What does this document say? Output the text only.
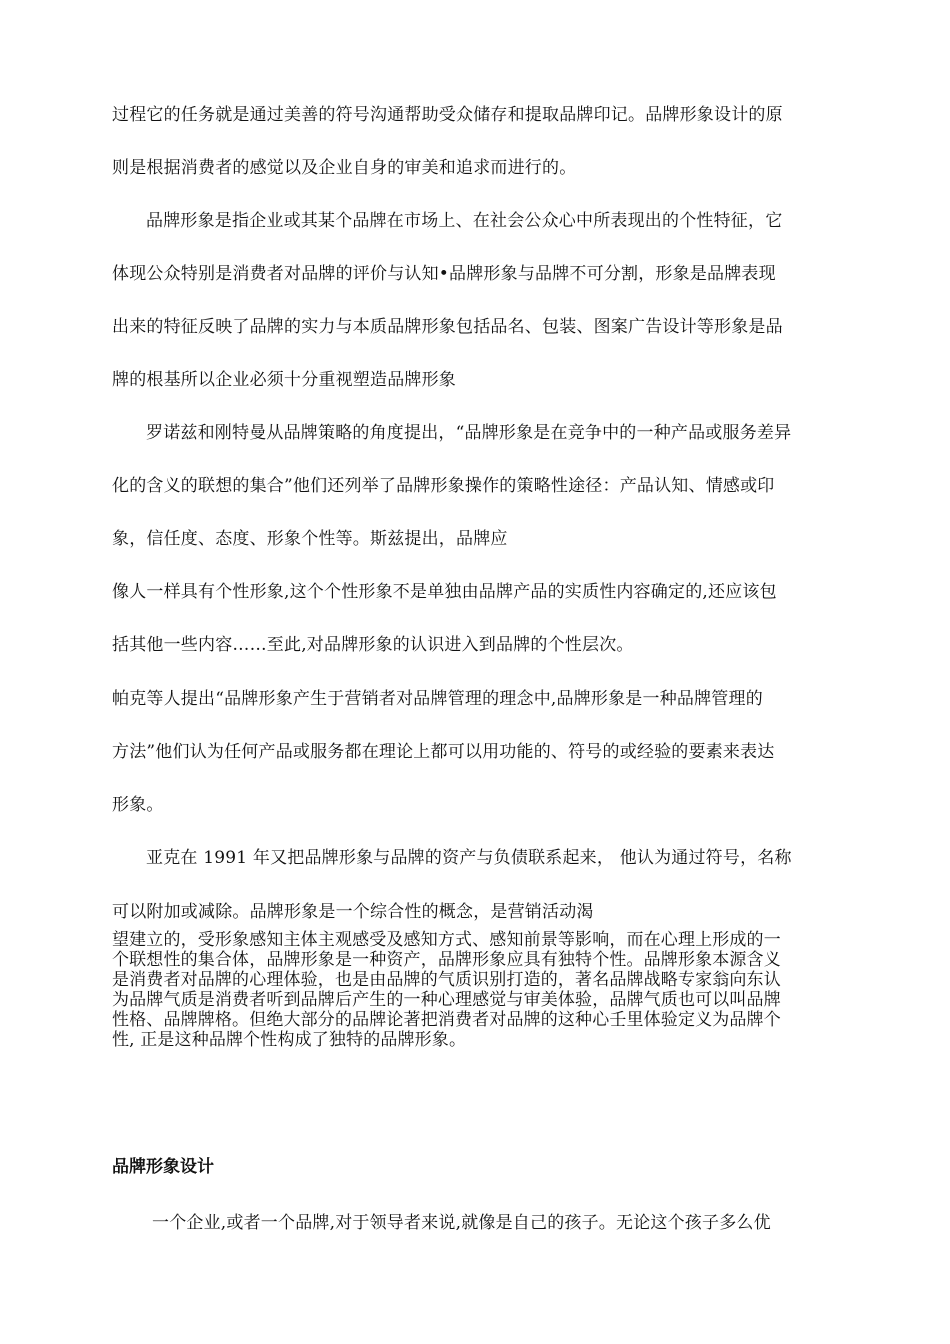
过程它的任务就是通过美善的符号沟通帮助受众储存和提取品牌印记。品牌形象设计的原
则是根据消费者的感觉以及企业自身的审美和追求而进行的。
品牌形象是指企业或其某个品牌在市场上、在社会公众心中所表现出的个性特征，它
体现公众特别是消费者对品牌的评价与认知•品牌形象与品牌不可分割，形象是品牌表现
出来的特征反映了品牌的实力与本质品牌形象包括品名、包装、图案广告设计等形象是品
牌的根基所以企业必须十分重视塑造品牌形象
罗诺兹和刚特曼从品牌策略的角度提出，“品牌形象是在竞争中的一种产品或服务差异
化的含义的联想的集合”他们还列举了品牌形象操作的策略性途径：产品认知、情感或印
象，信任度、态度、形象个性等。斯兹提出，品牌应
像人一样具有个性形象,这个个性形象不是单独由品牌产品的实质性内容确定的,还应该包
括其他一些内容……至此,对品牌形象的认识进入到品牌的个性层次。
帕克等人提出“品牌形象产生于营销者对品牌管理的理念中,品牌形象是一种品牌管理的
方法”他们认为任何产品或服务都在理论上都可以用功能的、符号的或经验的要素来表达
形象。
亚克在 1991 年又把品牌形象与品牌的资产与负债联系起来， 他认为通过符号，名称
可以附加或减除。品牌形象是一个综合性的概念，是营销活动渴
望建立的，受形象感知主体主观感受及感知方式、感知前景等影响，而在心理上形成的一
个联想性的集合体，品牌形象是一种资产，品牌形象应具有独特个性。品牌形象本源含义
是消费者对品牌的心理体验，也是由品牌的气质识别打造的，著名品牌战略专家翁向东认
为品牌气质是消费者听到品牌后产生的一种心理感觉与审美体验，品牌气质也可以叫品牌
性格、品牌牌格。但绝大部分的品牌论著把消费者对品牌的这种心壬里体验定义为品牌个
性, 正是这种品牌个性构成了独特的品牌形象。
品牌形象设计
一个企业,或者一个品牌,对于领导者来说,就像是自己的孩子。无论这个孩子多么优
